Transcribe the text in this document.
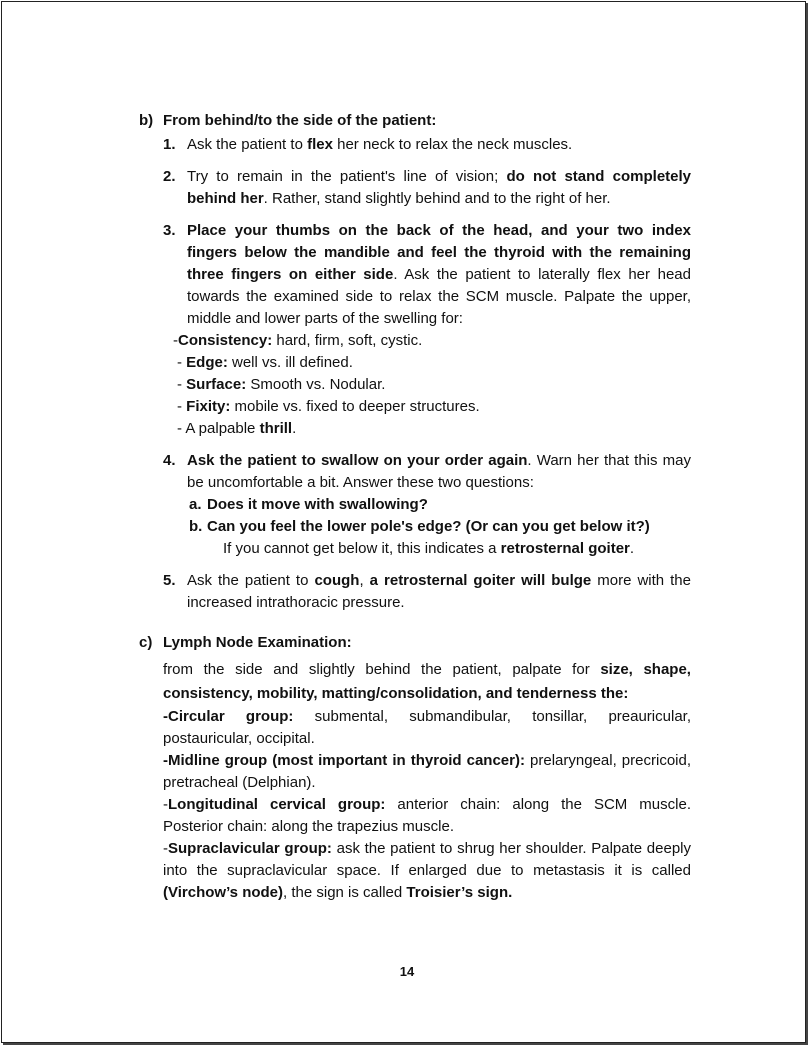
b) From behind/to the side of the patient:

1. Ask the patient to flex her neck to relax the neck muscles.
2. Try to remain in the patient's line of vision; do not stand completely behind her. Rather, stand slightly behind and to the right of her.
3. Place your thumbs on the back of the head, and your two index fingers below the mandible and feel the thyroid with the remaining three fingers on either side. Ask the patient to laterally flex her head towards the examined side to relax the SCM muscle. Palpate the upper, middle and lower parts of the swelling for:
-Consistency: hard, firm, soft, cystic.
- Edge: well vs. ill defined.
- Surface: Smooth vs. Nodular.
- Fixity: mobile vs. fixed to deeper structures.
- A palpable thrill.
4. Ask the patient to swallow on your order again. Warn her that this may be uncomfortable a bit. Answer these two questions:
a. Does it move with swallowing?
b. Can you feel the lower pole's edge? (Or can you get below it?)
If you cannot get below it, this indicates a retrosternal goiter.
5. Ask the patient to cough, a retrosternal goiter will bulge more with the increased intrathoracic pressure.

c) Lymph Node Examination:

from the side and slightly behind the patient, palpate for size, shape, consistency, mobility, matting/consolidation, and tenderness the:

-Circular group: submental, submandibular, tonsillar, preauricular, postauricular, occipital.

-Midline group (most important in thyroid cancer): prelaryngeal, precricoid, pretracheal (Delphian).

-Longitudinal cervical group: anterior chain: along the SCM muscle. Posterior chain: along the trapezius muscle.

-Supraclavicular group: ask the patient to shrug her shoulder. Palpate deeply into the supraclavicular space. If enlarged due to metastasis it is called (Virchow’s node), the sign is called Troisier’s sign.

14
